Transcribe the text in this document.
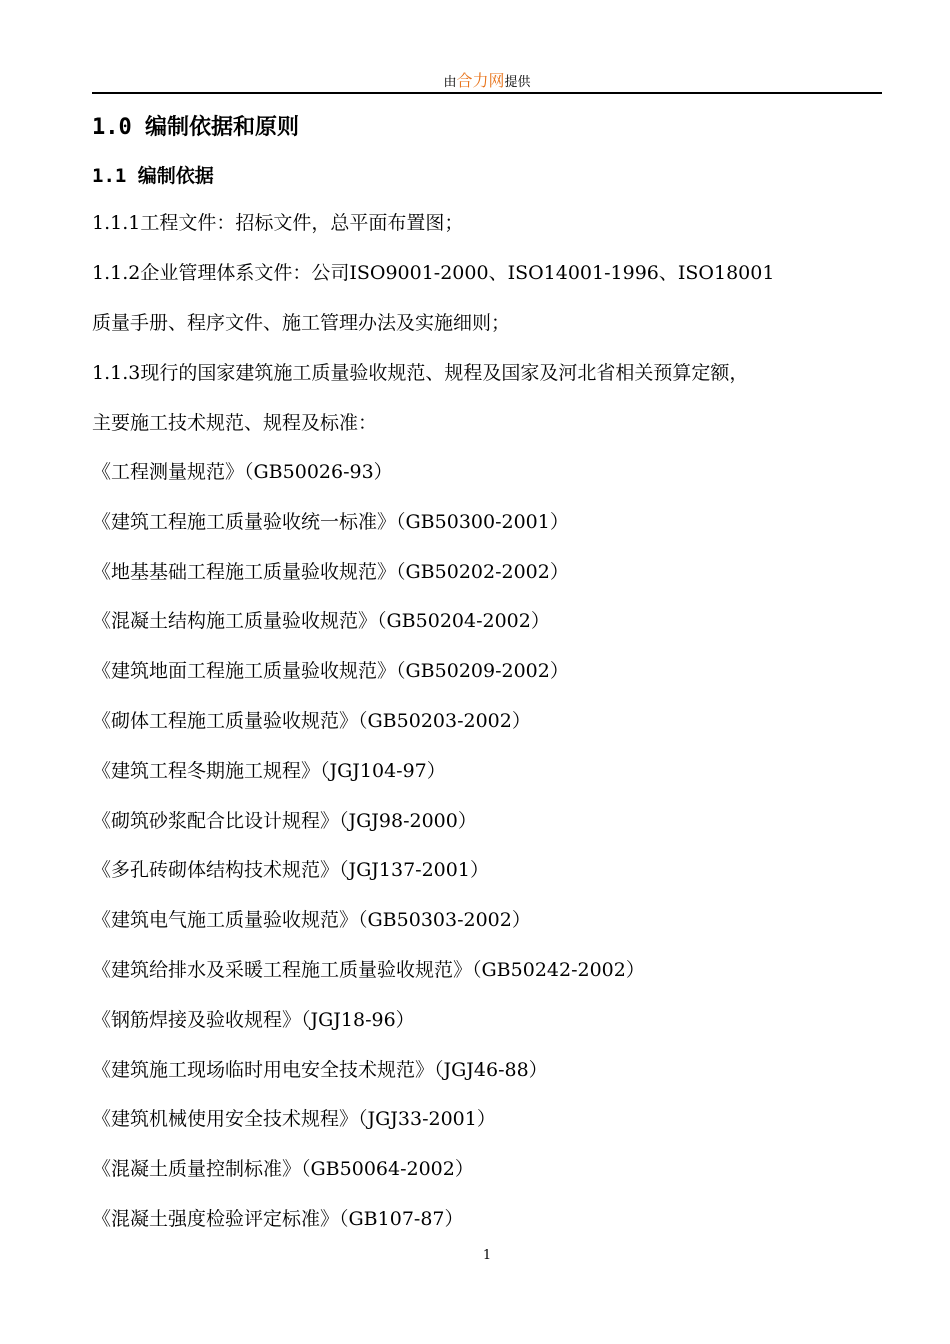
由合力网提供
1.0 编制依据和原则
1.1 编制依据
1.1.1工程文件：招标文件，总平面布置图；
1.1.2企业管理体系文件：公司ISO9001-2000、ISO14001-1996、ISO18001
质量手册、程序文件、施工管理办法及实施细则；
1.1.3现行的国家建筑施工质量验收规范、规程及国家及河北省相关预算定额，
主要施工技术规范、规程及标准：
《工程测量规范》（GB50026-93）
《建筑工程施工质量验收统一标准》（GB50300-2001）
《地基基础工程施工质量验收规范》（GB50202-2002）
《混凝土结构施工质量验收规范》（GB50204-2002）
《建筑地面工程施工质量验收规范》（GB50209-2002）
《砌体工程施工质量验收规范》（GB50203-2002）
《建筑工程冬期施工规程》（JGJ104-97）
《砌筑砂浆配合比设计规程》（JGJ98-2000）
《多孔砖砌体结构技术规范》（JGJ137-2001）
《建筑电气施工质量验收规范》（GB50303-2002）
《建筑给排水及采暖工程施工质量验收规范》（GB50242-2002）
《钢筋焊接及验收规程》（JGJ18-96）
《建筑施工现场临时用电安全技术规范》（JGJ46-88）
《建筑机械使用安全技术规程》（JGJ33-2001）
《混凝土质量控制标准》（GB50064-2002）
《混凝土强度检验评定标准》（GB107-87）
1
